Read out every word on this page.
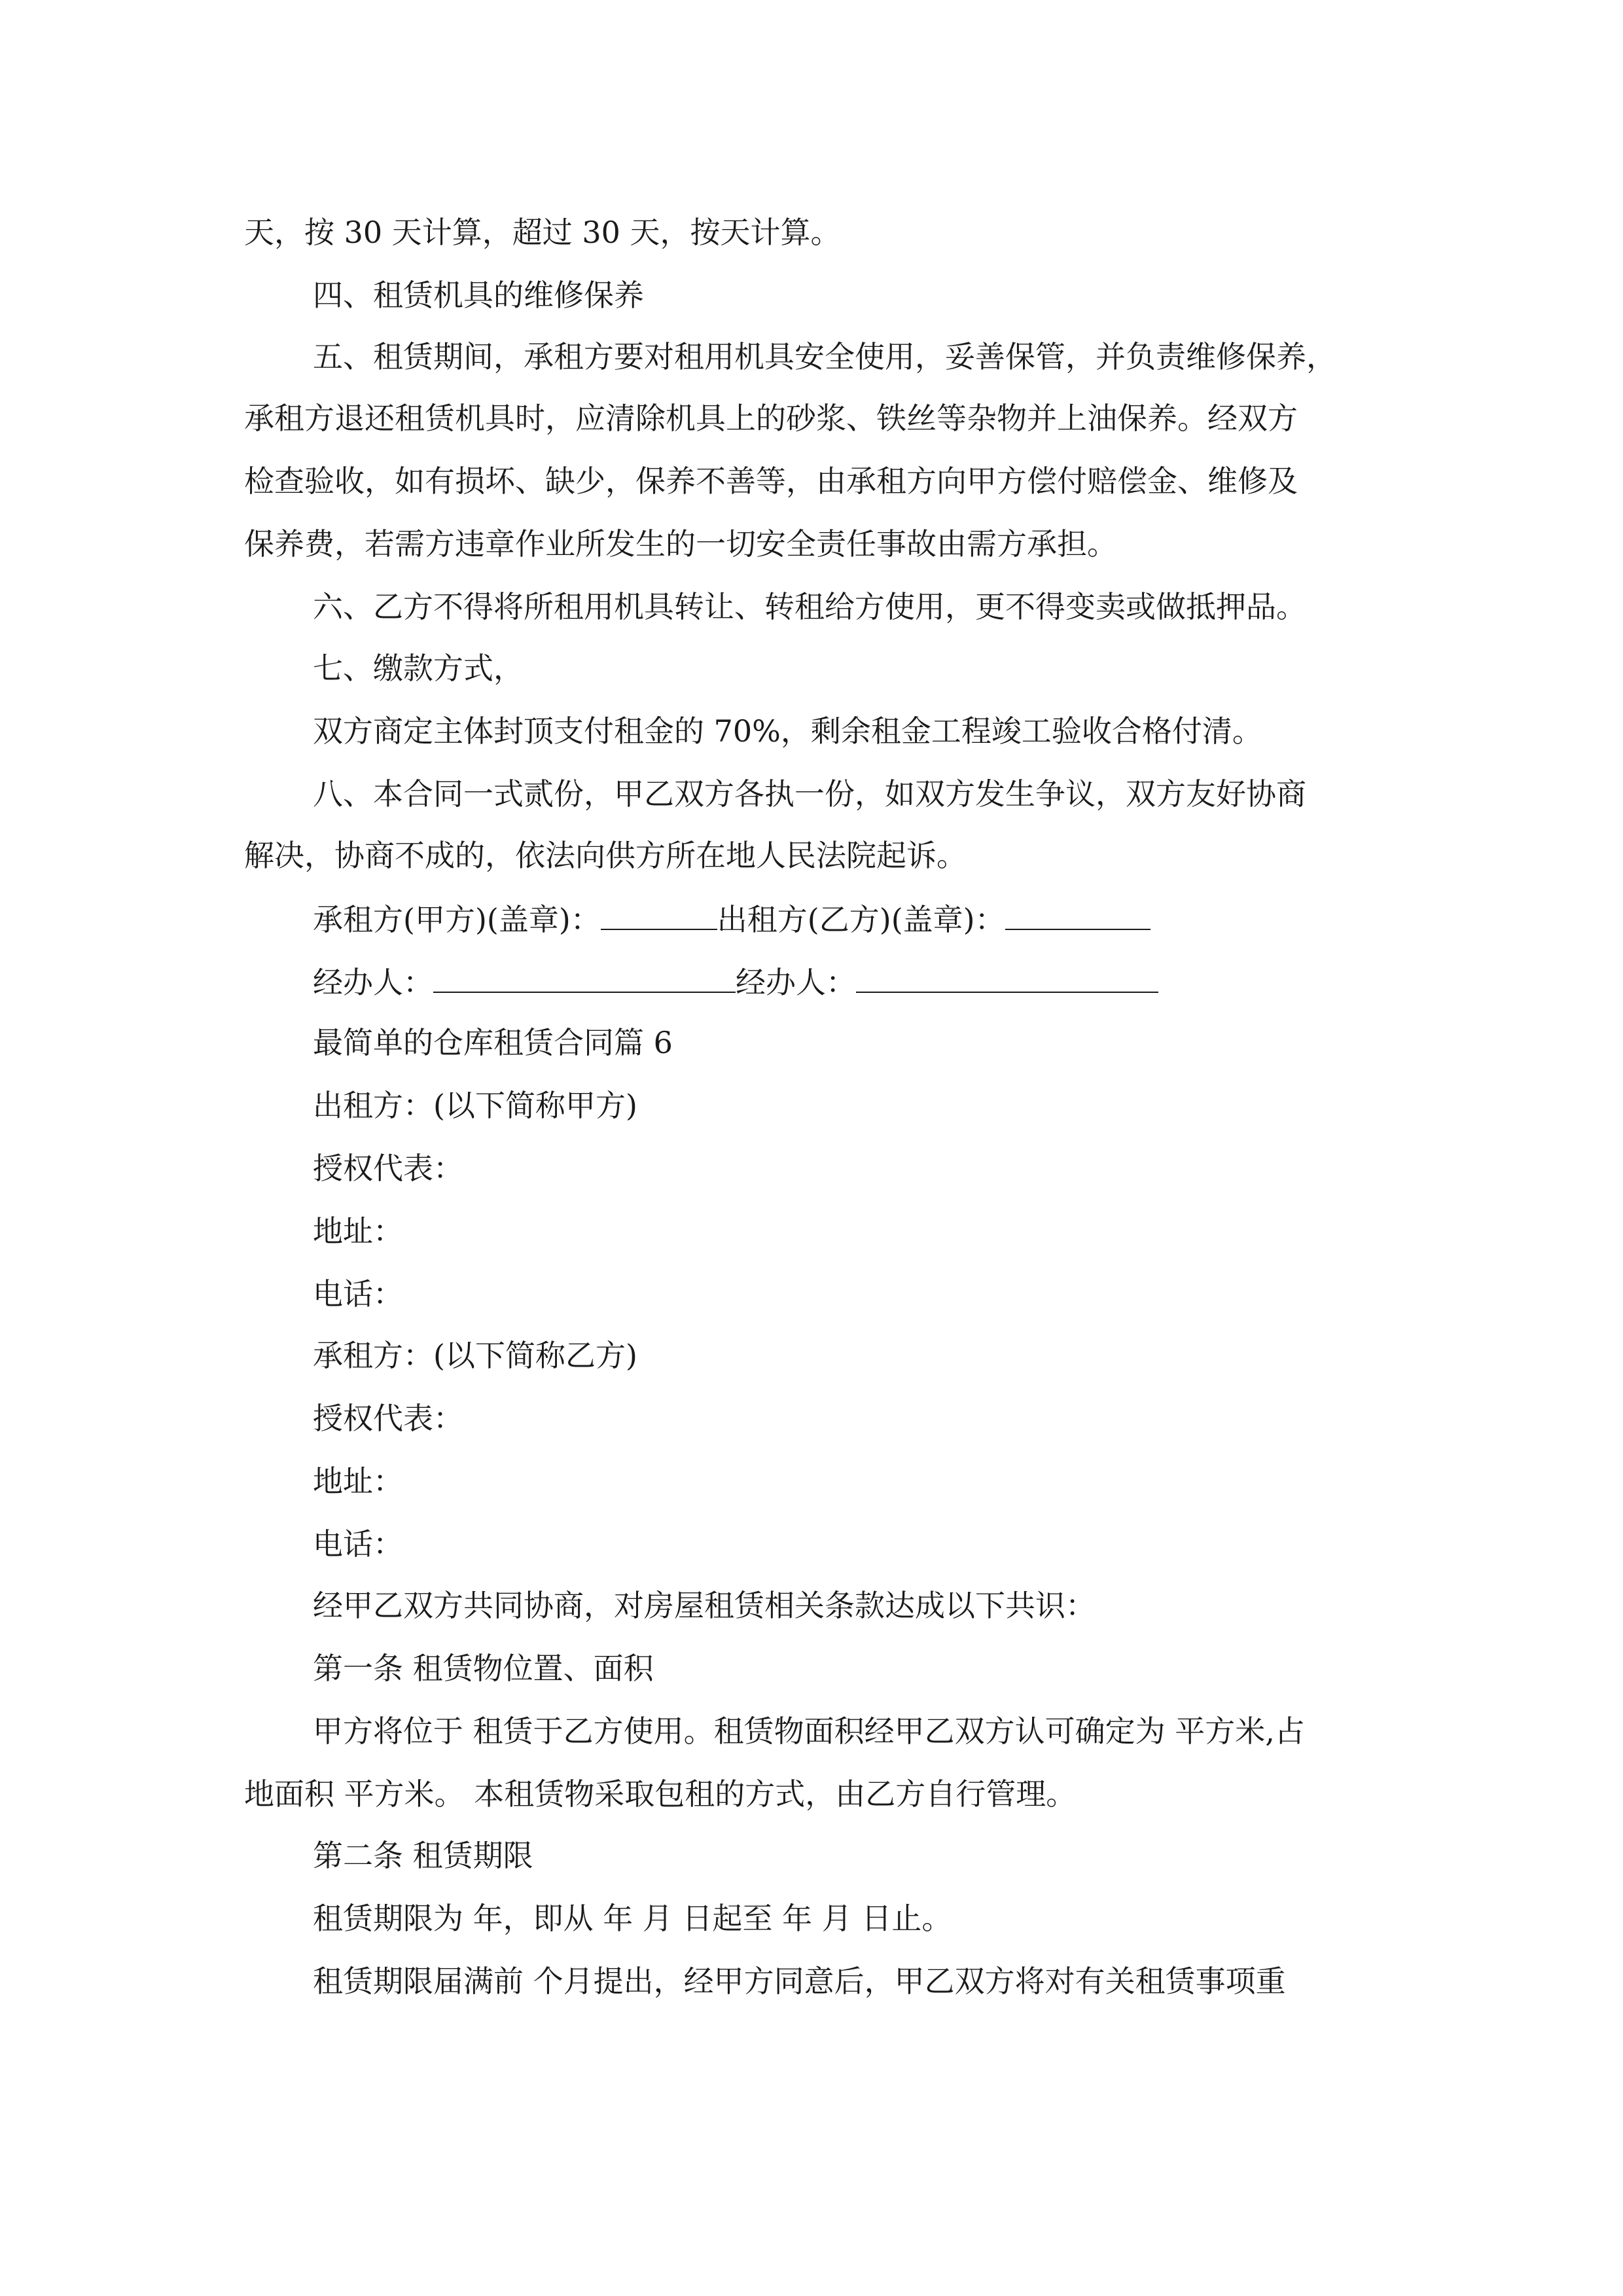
天，按 30 天计算，超过 30 天，按天计算。
四、租赁机具的维修保养
五、租赁期间，承租方要对租用机具安全使用，妥善保管，并负责维修保养，
承租方退还租赁机具时，应清除机具上的砂浆、铁丝等杂物并上油保养。经双方
检查验收，如有损坏、缺少，保养不善等，由承租方向甲方偿付赔偿金、维修及
保养费，若需方违章作业所发生的一切安全责任事故由需方承担。
六、乙方不得将所租用机具转让、转租给方使用，更不得变卖或做抵押品。
七、缴款方式，
双方商定主体封顶支付租金的 70%，剩余租金工程竣工验收合格付清。
八、本合同一式贰份，甲乙双方各执一份，如双方发生争议，双方友好协商
解决，协商不成的，依法向供方所在地人民法院起诉。
承租方(甲方)(盖章)：	出租方(乙方)(盖章)：
经办人：	经办人：
最简单的仓库租赁合同篇 6
出租方：(以下简称甲方)
授权代表：
地址：
电话：
承租方：(以下简称乙方)
授权代表：
地址：
电话：
经甲乙双方共同协商，对房屋租赁相关条款达成以下共识：
第一条 租赁物位置、面积
甲方将位于 租赁于乙方使用。租赁物面积经甲乙双方认可确定为 平方米,占
地面积 平方米。 本租赁物采取包租的方式，由乙方自行管理。
第二条 租赁期限
租赁期限为 年，即从 年 月 日起至 年 月 日止。
租赁期限届满前 个月提出，经甲方同意后，甲乙双方将对有关租赁事项重
